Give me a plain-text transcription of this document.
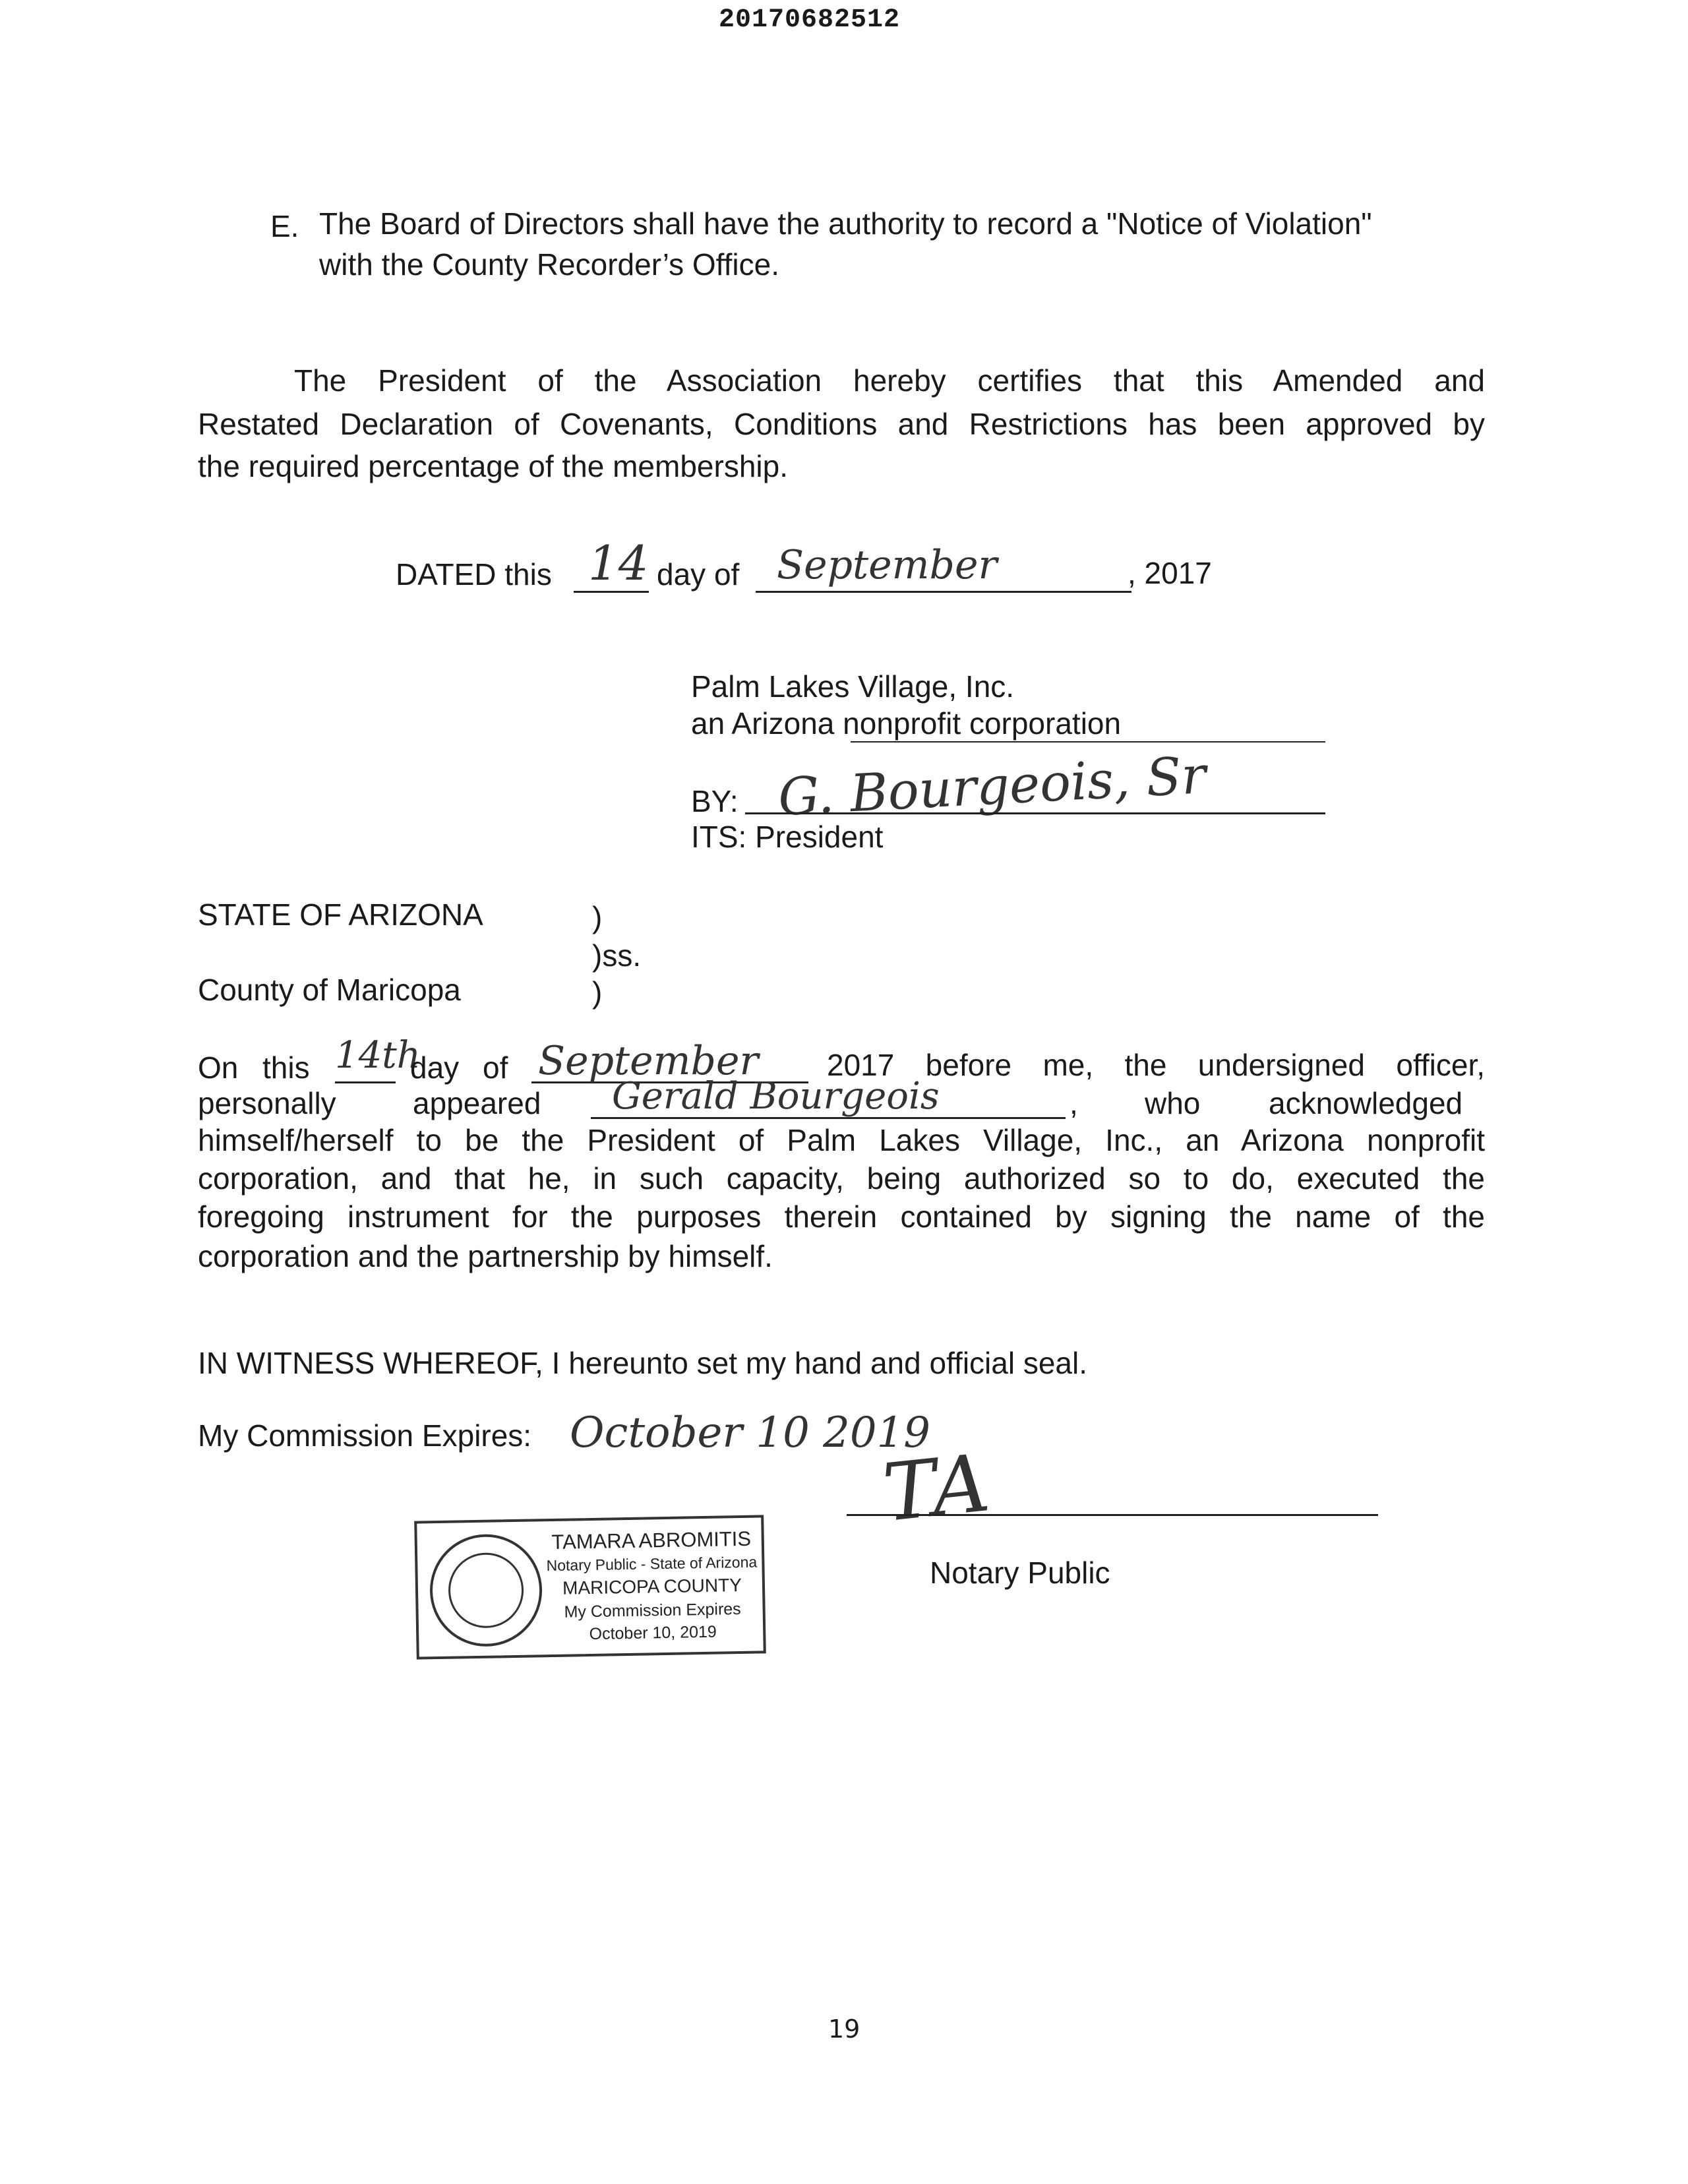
20170682512
E. The Board of Directors shall have the authority to record a "Notice of Violation"
with the County Recorder’s Office.
The President of the Association hereby certifies that this Amended and
Restated Declaration of Covenants, Conditions and Restrictions has been approved by
the required percentage of the membership.
DATED this 14 day of September	, 2017
Palm Lakes Village, Inc.
an Arizona nonprofit corporation
BY: G. Bourgeois, Sr
ITS: President
STATE OF ARIZONA	)
)ss.
County of Maricopa	)
On this 14th
day of September 2017 before me, the undersigned officer,
personally	appeared Gerald Bourgeois	, who acknowledged
himself/herself to be the President of Palm Lakes Village, Inc., an Arizona nonprofit
corporation, and that he, in such capacity, being authorized so to do, executed the
foregoing instrument for the purposes therein contained by signing the name of the
corporation and the partnership by himself.
IN WITNESS WHEREOF, I hereunto set my hand and official seal.
My Commission Expires: October 10 2019
TA
Notary Public
TAMARA ABROMITIS
Notary Public - State of Arizona
MARICOPA COUNTY
My Commission Expires
October 10, 2019
19
